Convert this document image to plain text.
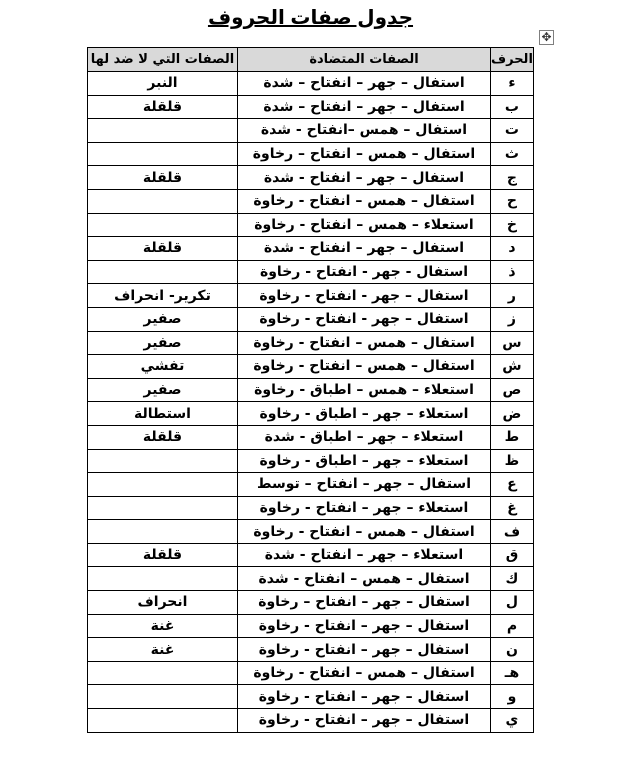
جدول صفات الحروف
✥
الحرف	الصفات المتضادة	الصفات التي لا ضد لها
ء	استفال – جهر – انفتاح – شدة	النبر
ب	استفال – جهر – انفتاح – شدة	قلقلة
ت	استفال – همس –انفتاح - شدة	
ث	استفال – همس – انفتاح – رخاوة	
ج	استفال – جهر – انفتاح - شدة	قلقلة
ح	استفال – همس – انفتاح - رخاوة	
خ	استعلاء – همس – انفتاح - رخاوة	
د	استفال – جهر – انفتاح - شدة	قلقلة
ذ	استفال - جهر - انفتاح - رخاوة	
ر	استفال – جهر - انفتاح - رخاوة	تكرير- انحراف
ز	استفال – جهر - انفتاح - رخاوة	صفير
س	استفال – همس – انفتاح - رخاوة	صفير
ش	استفال – همس – انفتاح - رخاوة	تفشي
ص	استعلاء – همس – اطباق - رخاوة	صفير
ض	استعلاء – جهر – اطباق - رخاوة	استطالة
ط	استعلاء – جهر – اطباق - شدة	قلقلة
ظ	استعلاء – جهر – اطباق - رخاوة	
ع	استفال – جهر – انفتاح – توسط	
غ	استعلاء – جهر – انفتاح - رخاوة	
ف	استفال – همس – انفتاح - رخاوة	
ق	استعلاء – جهر – انفتاح - شدة	قلقلة
ك	استفال – همس – انفتاح - شدة	
ل	استفال – جهر – انفتاح – رخاوة	انحراف
م	استفال – جهر – انفتاح - رخاوة	غنة
ن	استفال – جهر – انفتاح - رخاوة	غنة
هـ	استفال – همس – انفتاح - رخاوة	
و	استفال – جهر – انفتاح - رخاوة	
ي	استفال – جهر – انفتاح - رخاوة	
